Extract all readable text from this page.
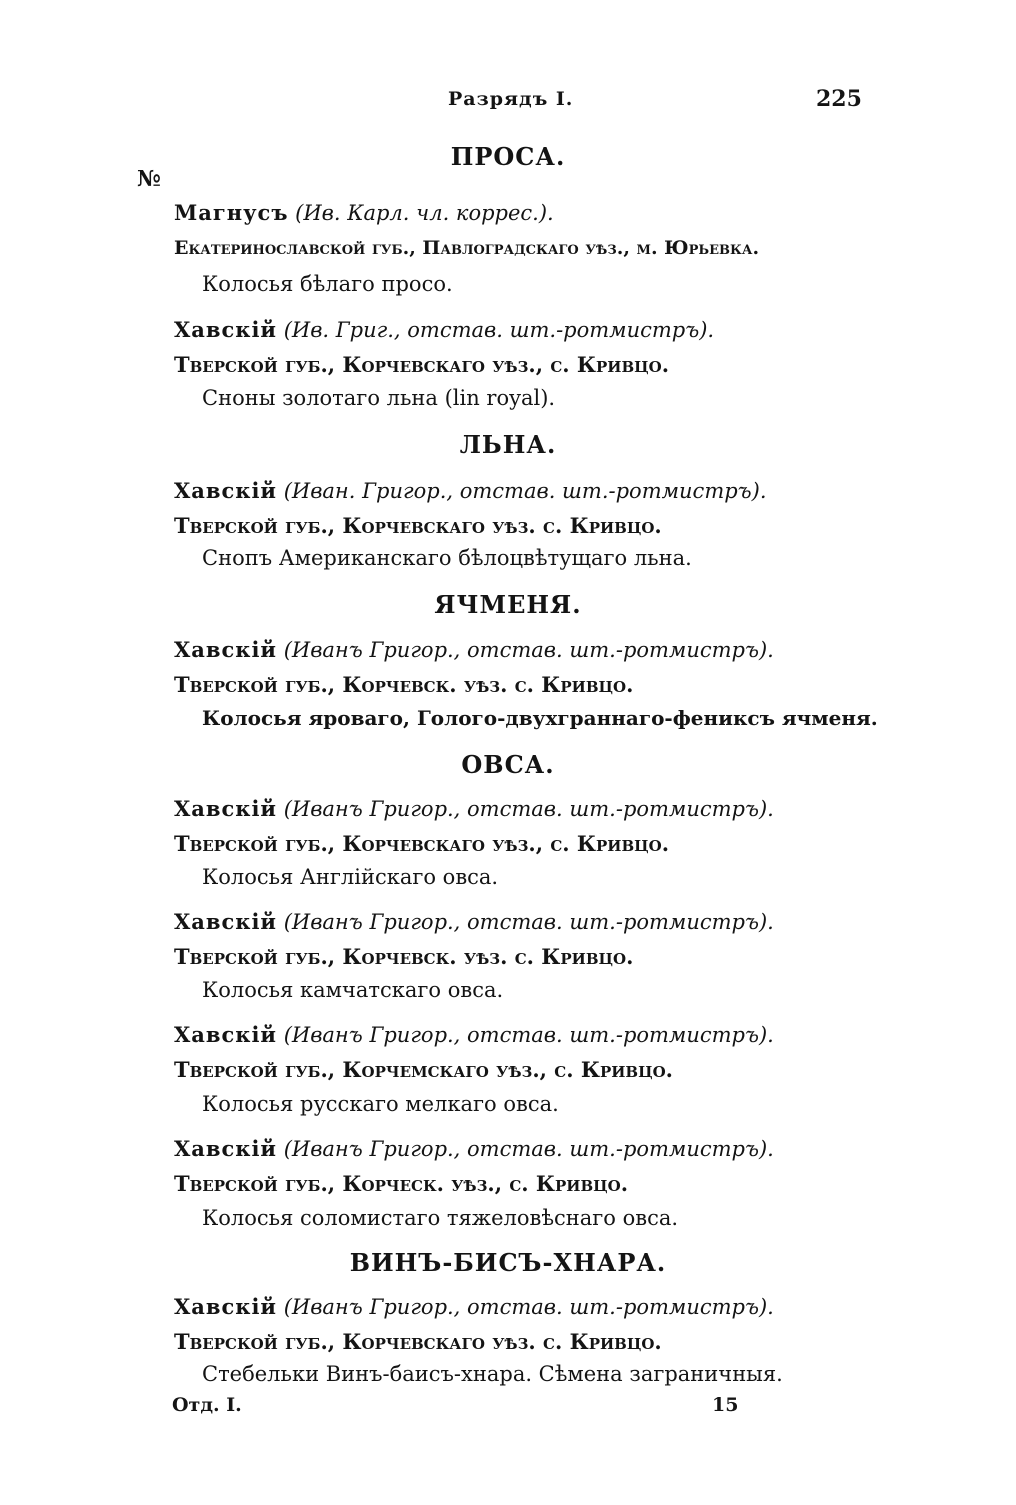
Разрядъ I.	225
№
ПРОСА.
Магнусъ (Ив. Карл. чл. коррес.).
Екатеринославской губ., Павлоградскаго уѣз., м. Юрьевка.
Колосья бѣлаго просо.
Хавскій (Ив. Григ., отстав. шт.-ротмистръ).
Тверской губ., Корчевскаго уѣз., с. Кривцо.
Сноны золотаго льна (lin royal).
ЛЬНА.
Хавскій (Иван. Григор., отстав. шт.-ротмистръ).
Тверской губ., Корчевскаго уѣз. с. Кривцо.
Снопъ Американскаго бѣлоцвѣтущаго льна.
ЯЧМЕНЯ.
Хавскій (Иванъ Григор., отстав. шт.-ротмистръ).
Тверской губ., Корчевск. уѣз. с. Кривцо.
Колосья яроваго, Голого-двухграннаго-фениксъ ячменя.
ОВСА.
Хавскій (Иванъ Григор., отстав. шт.-ротмистръ).
Тверской губ., Корчевскаго уѣз., с. Кривцо.
Колосья Англійскаго овса.
Хавскій (Иванъ Григор., отстав. шт.-ротмистръ).
Тверской губ., Корчевск. уѣз. с. Кривцо.
Колосья камчатскаго овса.
Хавскій (Иванъ Григор., отстав. шт.-ротмистръ).
Тверской губ., Корчемскаго уѣз., с. Кривцо.
Колосья русскаго мелкаго овса.
Хавскій (Иванъ Григор., отстав. шт.-ротмистръ).
Тверской губ., Корческ. уѣз., с. Кривцо.
Колосья соломистаго тяжеловѣснаго овса.
ВИНЪ-БИСЪ-ХНАРА.
Хавскій (Иванъ Григор., отстав. шт.-ротмистръ).
Тверской губ., Корчевскаго уѣз. с. Кривцо.
Стебельки Винъ-баисъ-хнара. Сѣмена заграничныя.
Отд. I.	15
